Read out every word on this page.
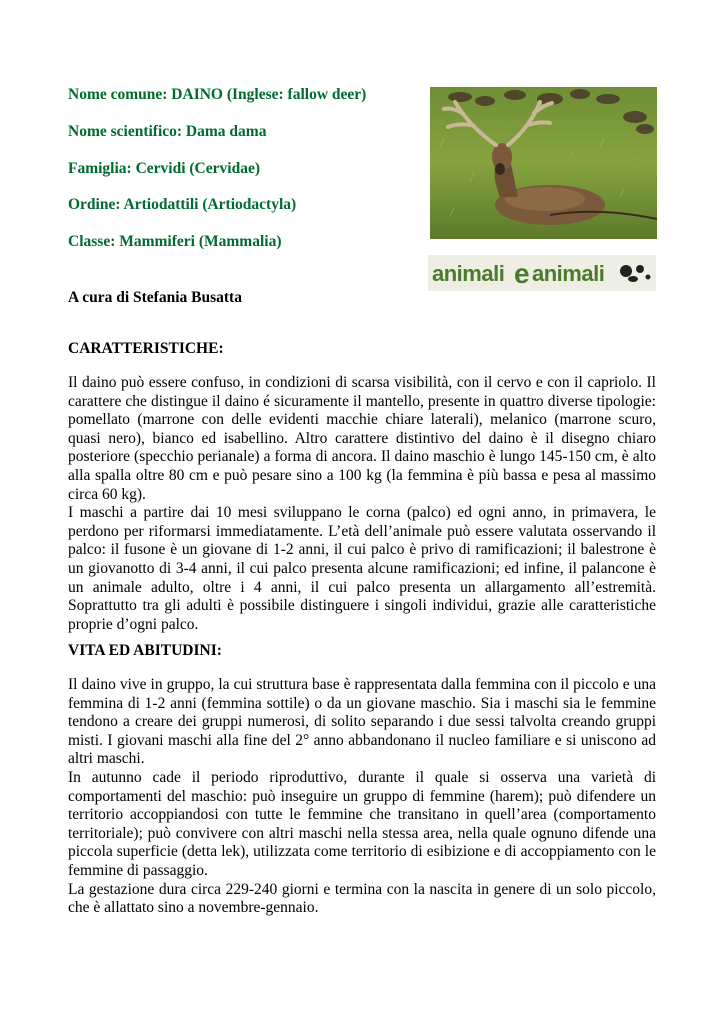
Nome comune: DAINO (Inglese: fallow deer)
Nome scientifico: Dama dama
Famiglia: Cervidi (Cervidae)
Ordine: Artiodattili (Artiodactyla)
Classe: Mammiferi (Mammalia)
animali e animali
A cura di Stefania Busatta
CARATTERISTICHE:

Il daino può essere confuso, in condizioni di scarsa visibilità, con il cervo e con il capriolo. Il carattere che distingue il daino é sicuramente il mantello, presente in quattro diverse tipologie: pomellato (marrone con delle evidenti macchie chiare laterali), melanico (marrone scuro, quasi nero), bianco ed isabellino. Altro carattere distintivo del daino è il disegno chiaro posteriore (specchio perianale) a forma di ancora. Il daino maschio è lungo 145-150 cm, è alto alla spalla oltre 80 cm e può pesare sino a 100 kg (la femmina è più bassa e pesa al massimo circa 60 kg).

I maschi a partire dai 10 mesi sviluppano le corna (palco) ed ogni anno, in primavera, le perdono per riformarsi immediatamente. L’età dell’animale può essere valutata osservando il palco: il fusone è un giovane di 1-2 anni, il cui palco è privo di ramificazioni; il balestrone è un giovanotto di 3-4 anni, il cui palco presenta alcune ramificazioni; ed infine, il palancone è un animale adulto, oltre i 4 anni, il cui palco presenta un allargamento all’estremità. Soprattutto tra gli adulti è possibile distinguere i singoli individui, grazie alle caratteristiche proprie d’ogni palco.

VITA ED ABITUDINI:

Il daino vive in gruppo, la cui struttura base è rappresentata dalla femmina con il piccolo e una femmina di 1-2 anni (femmina sottile) o da un giovane maschio. Sia i maschi sia le femmine tendono a creare dei gruppi numerosi, di solito separando i due sessi talvolta creando gruppi misti. I giovani maschi alla fine del 2° anno abbandonano il nucleo familiare e si uniscono ad altri maschi.

In autunno cade il periodo riproduttivo, durante il quale si osserva una varietà di comportamenti del maschio: può inseguire un gruppo di femmine (harem); può difendere un territorio accoppiandosi con tutte le femmine che transitano in quell’area (comportamento territoriale); può convivere con altri maschi nella stessa area, nella quale ognuno difende una piccola superficie (detta lek), utilizzata come territorio di esibizione e di accoppiamento con le femmine di passaggio.

La gestazione dura circa 229-240 giorni e termina con la nascita in genere di un solo piccolo, che è allattato sino a novembre-gennaio.
